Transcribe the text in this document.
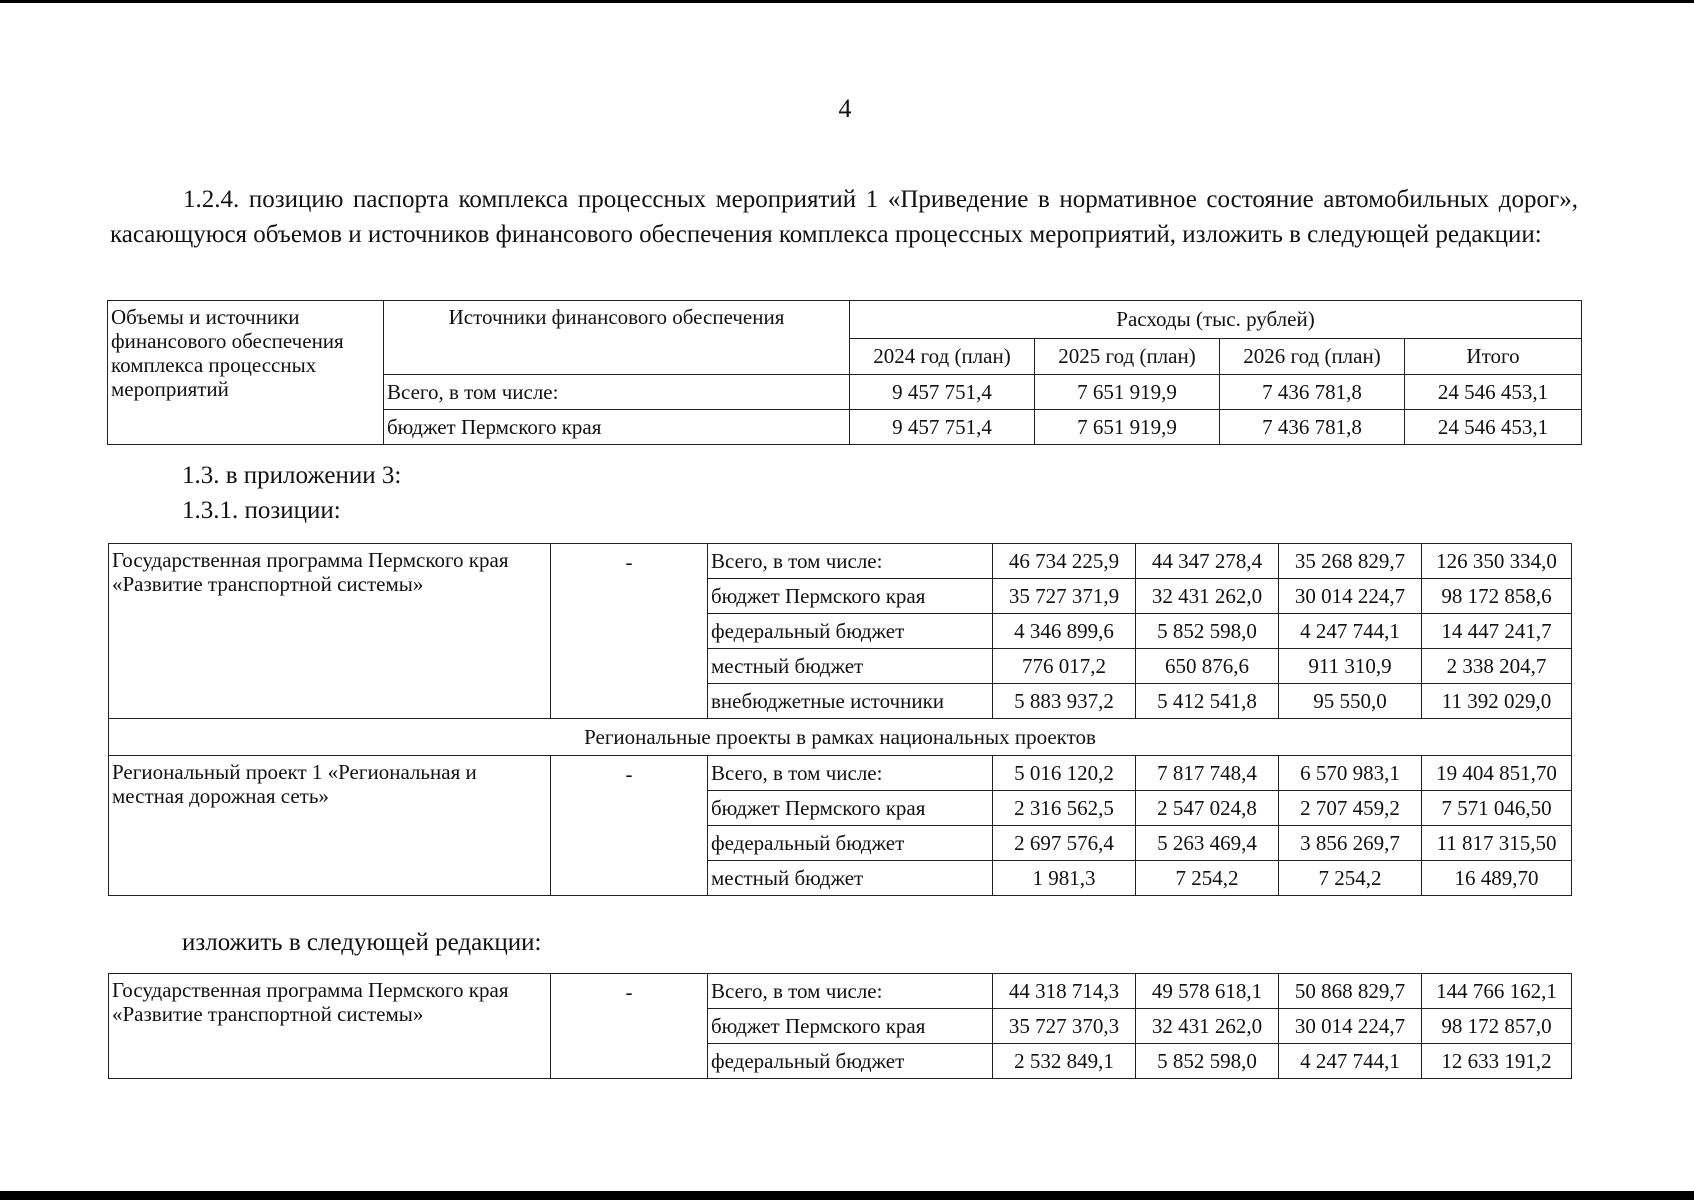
4

1.2.4. позицию паспорта комплекса процессных мероприятий 1 «Приведение в нормативное состояние автомобильных дорог», касающуюся объемов и источников финансового обеспечения комплекса процессных мероприятий, изложить в следующей редакции:

Объемы и источники финансового обеспечения комплекса процессных мероприятий	Источники финансового обеспечения	Расходы (тыс. рублей)			
		2024 год (план)	2025 год (план)	2026 год (план)	Итого
	Всего, в том числе:	9 457 751,4	7 651 919,9	7 436 781,8	24 546 453,1
	бюджет Пермского края	9 457 751,4	7 651 919,9	7 436 781,8	24 546 453,1

1.3. в приложении 3:

1.3.1. позиции:

Государственная программа Пермского края «Развитие транспортной системы»	-	Всего, в том числе:	46 734 225,9	44 347 278,4	35 268 829,7	126 350 334,0
		бюджет Пермского края	35 727 371,9	32 431 262,0	30 014 224,7	98 172 858,6
		федеральный бюджет	4 346 899,6	5 852 598,0	4 247 744,1	14 447 241,7
		местный бюджет	776 017,2	650 876,6	911 310,9	2 338 204,7
		внебюджетные источники	5 883 937,2	5 412 541,8	95 550,0	11 392 029,0
Региональные проекты в рамках национальных проектов						
Региональный проект 1 «Региональная и местная дорожная сеть»	-	Всего, в том числе:	5 016 120,2	7 817 748,4	6 570 983,1	19 404 851,70
		бюджет Пермского края	2 316 562,5	2 547 024,8	2 707 459,2	7 571 046,50
		федеральный бюджет	2 697 576,4	5 263 469,4	3 856 269,7	11 817 315,50
		местный бюджет	1 981,3	7 254,2	7 254,2	16 489,70

изложить в следующей редакции:

Государственная программа Пермского края «Развитие транспортной системы»	-	Всего, в том числе:	44 318 714,3	49 578 618,1	50 868 829,7	144 766 162,1
		бюджет Пермского края	35 727 370,3	32 431 262,0	30 014 224,7	98 172 857,0
		федеральный бюджет	2 532 849,1	5 852 598,0	4 247 744,1	12 633 191,2
